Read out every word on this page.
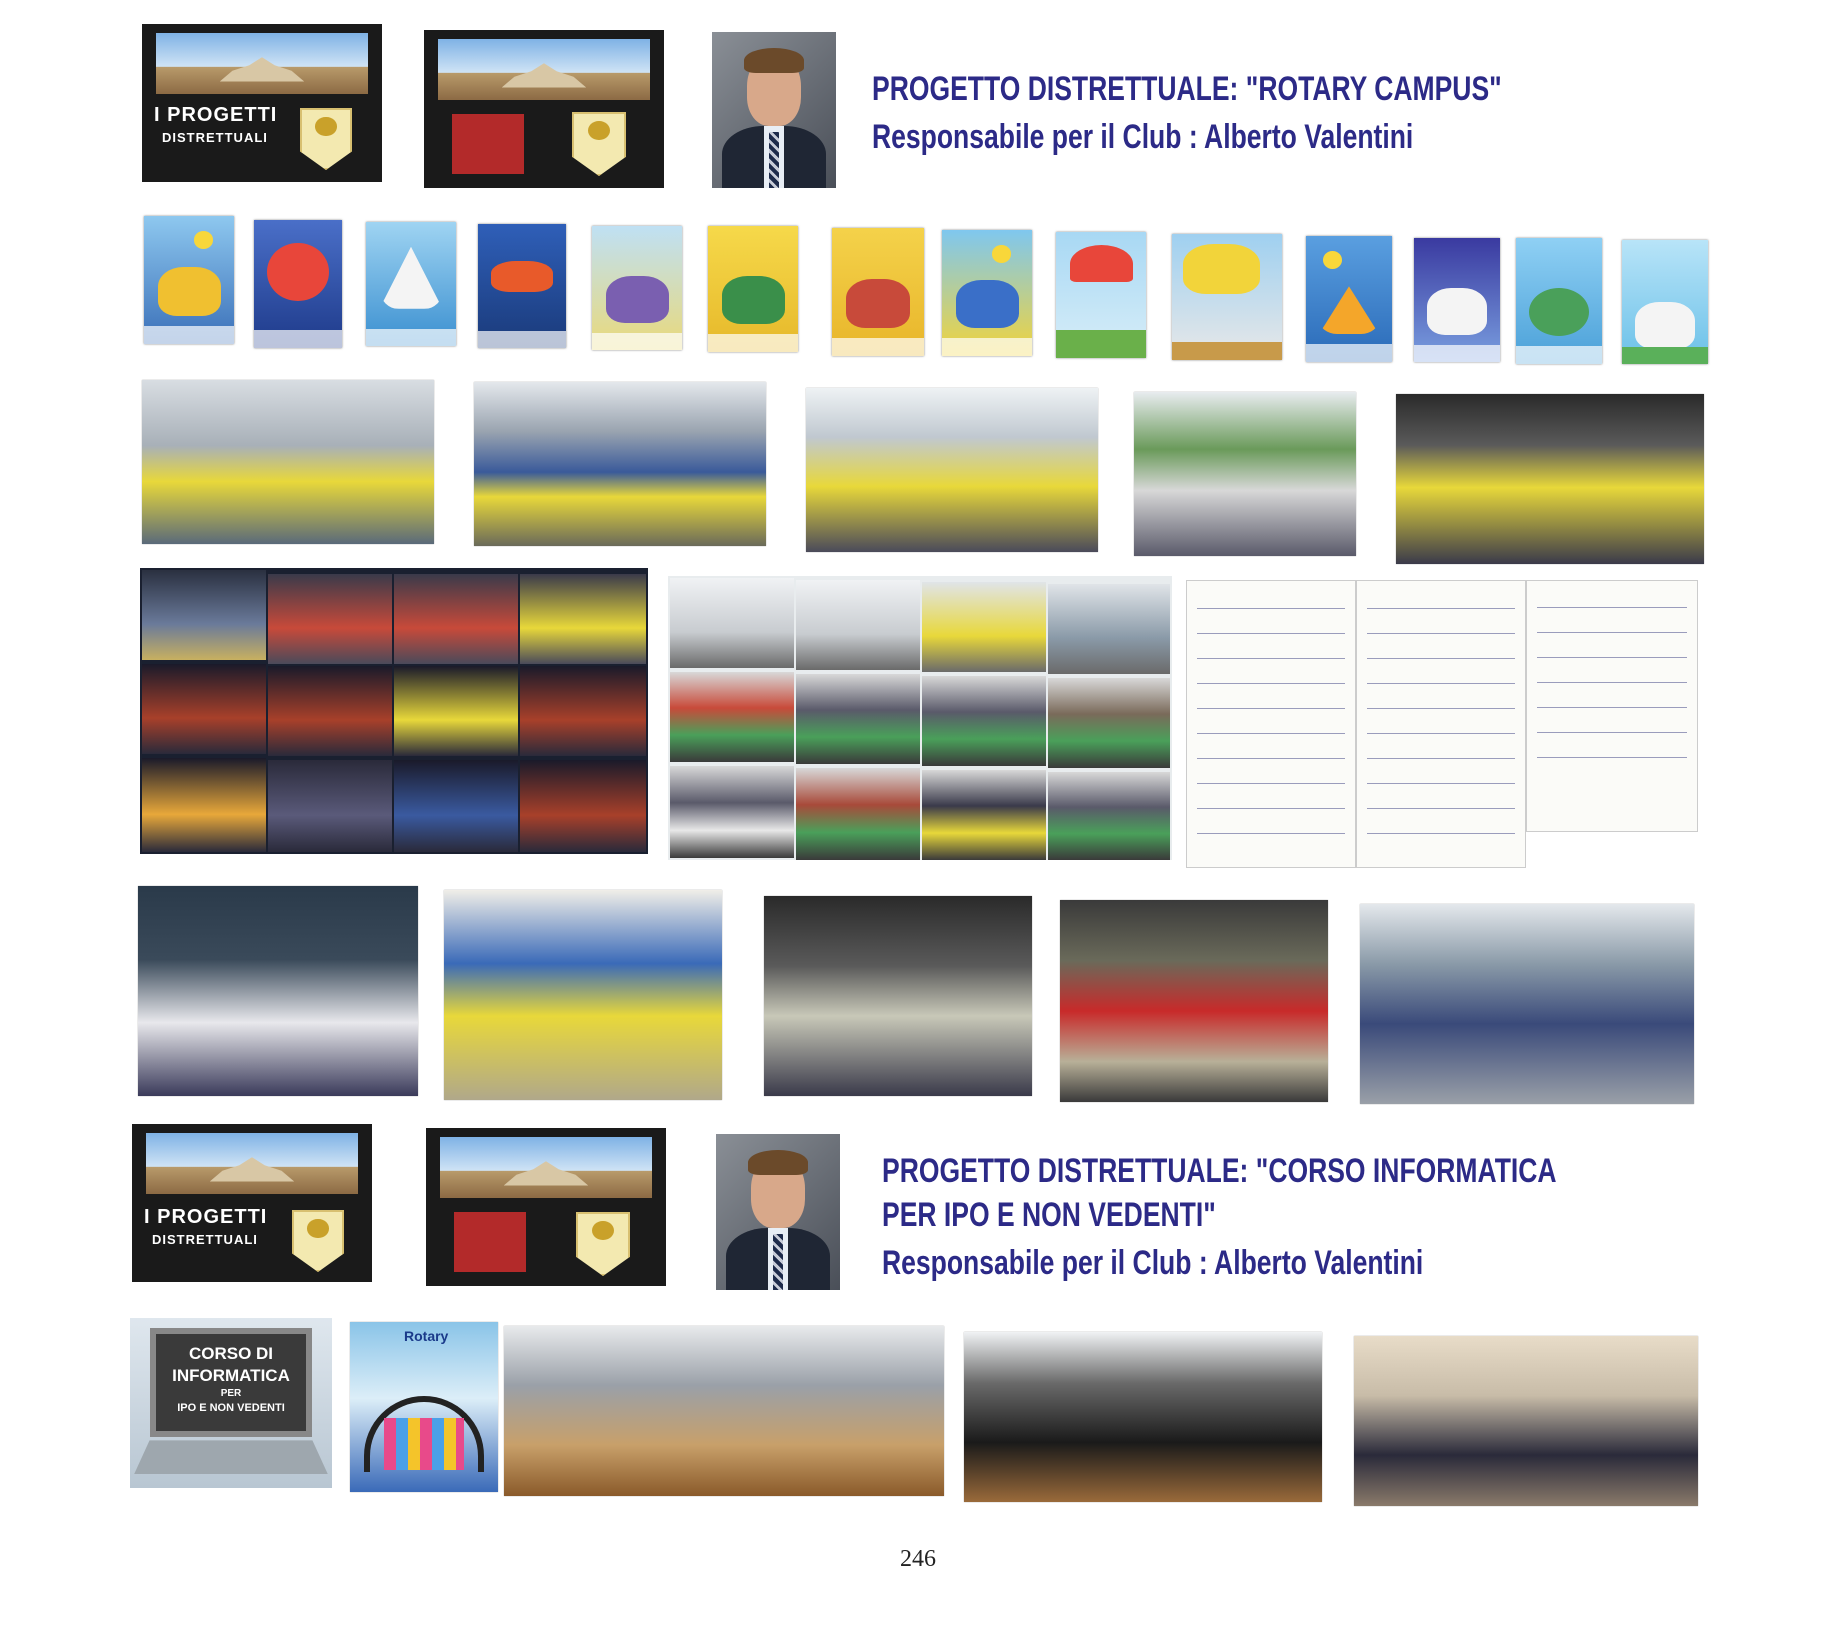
I PROGETTI
DISTRETTUALI
PROGETTO DISTRETTUALE: "ROTARY CAMPUS"
Responsabile per il Club : Alberto Valentini
I PROGETTI
DISTRETTUALI
PROGETTO DISTRETTUALE: "CORSO INFORMATICA
PER IPO E NON VEDENTI"
Responsabile per il Club : Alberto Valentini
CORSO DI
INFORMATICA
PER
IPO E NON VEDENTI
Rotary
246
